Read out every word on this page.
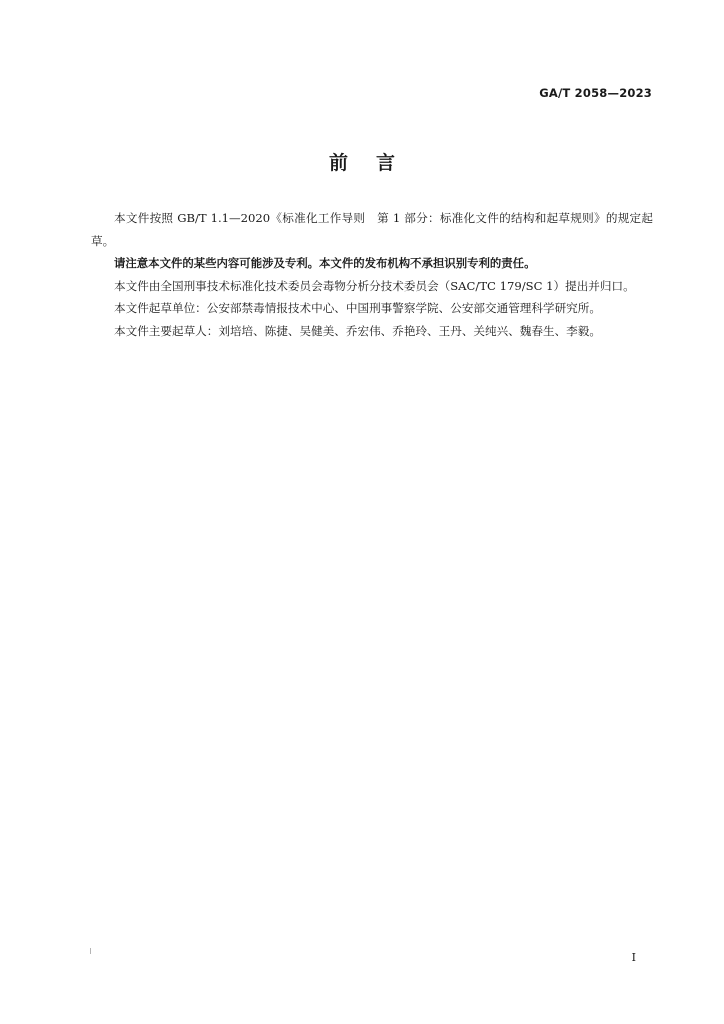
GA/T 2058—2023
前言

本文件按照 GB/T 1.1—2020《标准化工作导则　第 1 部分：标准化文件的结构和起草规则》的规定起草。

请注意本文件的某些内容可能涉及专利。本文件的发布机构不承担识别专利的责任。

本文件由全国刑事技术标准化技术委员会毒物分析分技术委员会（SAC/TC 179/SC 1）提出并归口。

本文件起草单位：公安部禁毒情报技术中心、中国刑事警察学院、公安部交通管理科学研究所。

本文件主要起草人：刘培培、陈捷、吴健美、乔宏伟、乔艳玲、王丹、关纯兴、魏春生、李毅。

I
